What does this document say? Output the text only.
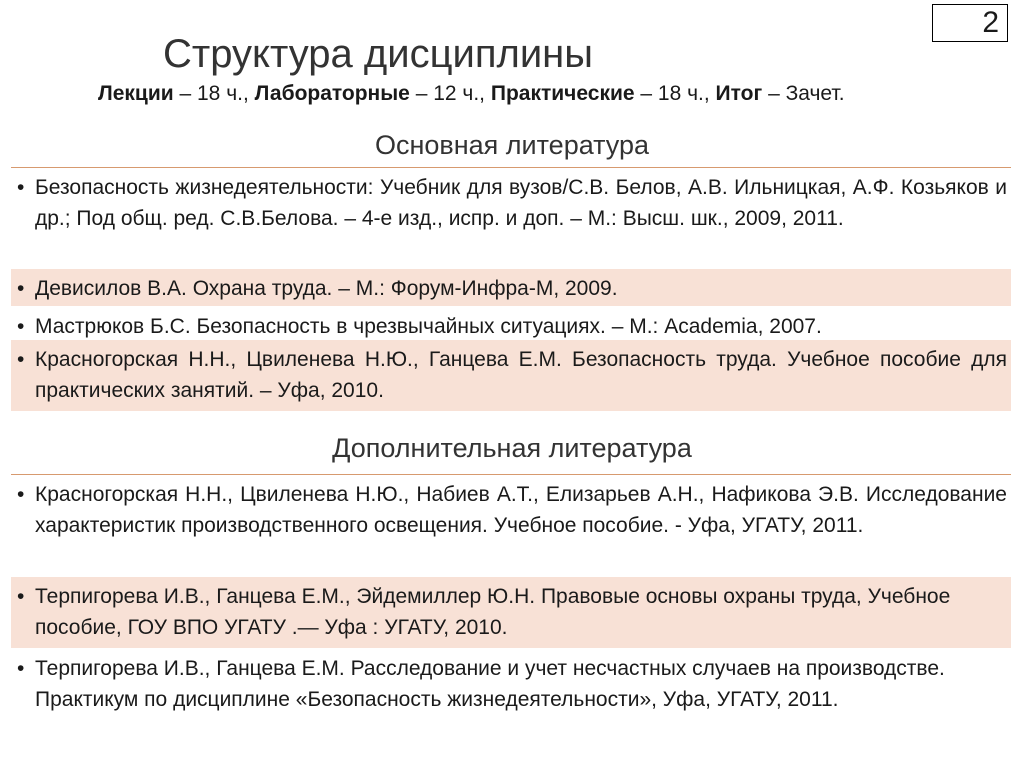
2
Структура дисциплины
Лекции – 18 ч., Лабораторные – 12 ч., Практические – 18 ч., Итог – Зачет.
Основная литература
• Безопасность жизнедеятельности: Учебник для вузов/С.В. Белов, А.В. Ильницкая, А.Ф. Козьяков и др.; Под общ. ред. С.В.Белова. – 4-е изд., испр. и доп. – М.: Высш. шк., 2009, 2011.
• Девисилов В.А. Охрана труда. – М.: Форум-Инфра-М, 2009.
• Мастрюков Б.С. Безопасность в чрезвычайных ситуациях. – М.: Academia, 2007.
• Красногорская Н.Н., Цвиленева Н.Ю., Ганцева Е.М. Безопасность труда. Учебное пособие для практических занятий. – Уфа, 2010.
Дополнительная литература
• Красногорская Н.Н., Цвиленева Н.Ю., Набиев А.Т., Елизарьев А.Н., Нафикова Э.В. Исследование характеристик производственного освещения. Учебное пособие. - Уфа, УГАТУ, 2011.
• Терпигорева И.В., Ганцева Е.М., Эйдемиллер Ю.Н. Правовые основы охраны труда, Учебное пособие, ГОУ ВПО УГАТУ .— Уфа : УГАТУ, 2010.
• Терпигорева И.В., Ганцева Е.М. Расследование и учет несчастных случаев на производстве. Практикум по дисциплине «Безопасность жизнедеятельности», Уфа, УГАТУ, 2011.
